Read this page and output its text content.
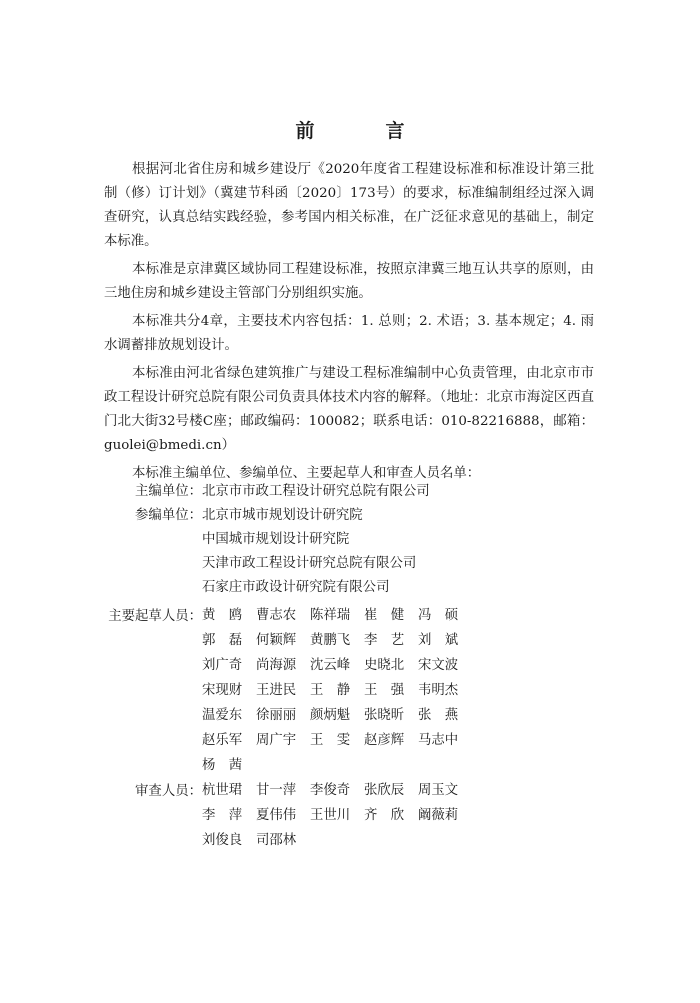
前　言

根据河北省住房和城乡建设厅《2020年度省工程建设标准和标准设计第三批制（修）订计划》（冀建节科函〔2020〕173号）的要求，标准编制组经过深入调查研究，认真总结实践经验，参考国内相关标准，在广泛征求意见的基础上，制定本标准。

本标准是京津冀区域协同工程建设标准，按照京津冀三地互认共享的原则，由三地住房和城乡建设主管部门分别组织实施。

本标准共分4章，主要技术内容包括：1. 总则；2. 术语；3. 基本规定；4. 雨水调蓄排放规划设计。

本标准由河北省绿色建筑推广与建设工程标准编制中心负责管理，由北京市市政工程设计研究总院有限公司负责具体技术内容的解释。（地址：北京市海淀区西直门北大街32号楼C座；邮政编码：100082；联系电话：010-82216888，邮箱：guolei@bmedi.cn）

本标准主编单位、参编单位、主要起草人和审查人员名单：

主编单位： 北京市市政工程设计研究总院有限公司
参编单位： 北京市城市规划设计研究院
中国城市规划设计研究院
天津市政工程设计研究总院有限公司
石家庄市政设计研究院有限公司
主要起草人员： 黄　鸥	曹志农	陈祥瑞	崔　健	冯　硕
郭　磊	何颖辉	黄鹏飞	李　艺	刘　斌
刘广奇	尚海源	沈云峰	史晓北	宋文波
宋现财	王进民	王　静	王　强	韦明杰
温爱东	徐丽丽	颜炳魁	张晓昕	张　燕
赵乐军	周广宇	王　雯	赵彦辉	马志中
杨　茜
审查人员： 杭世珺	甘一萍	李俊奇	张欣辰	周玉文
李　萍	夏伟伟	王世川	齐　欣	阚薇莉
刘俊良	司邵林
